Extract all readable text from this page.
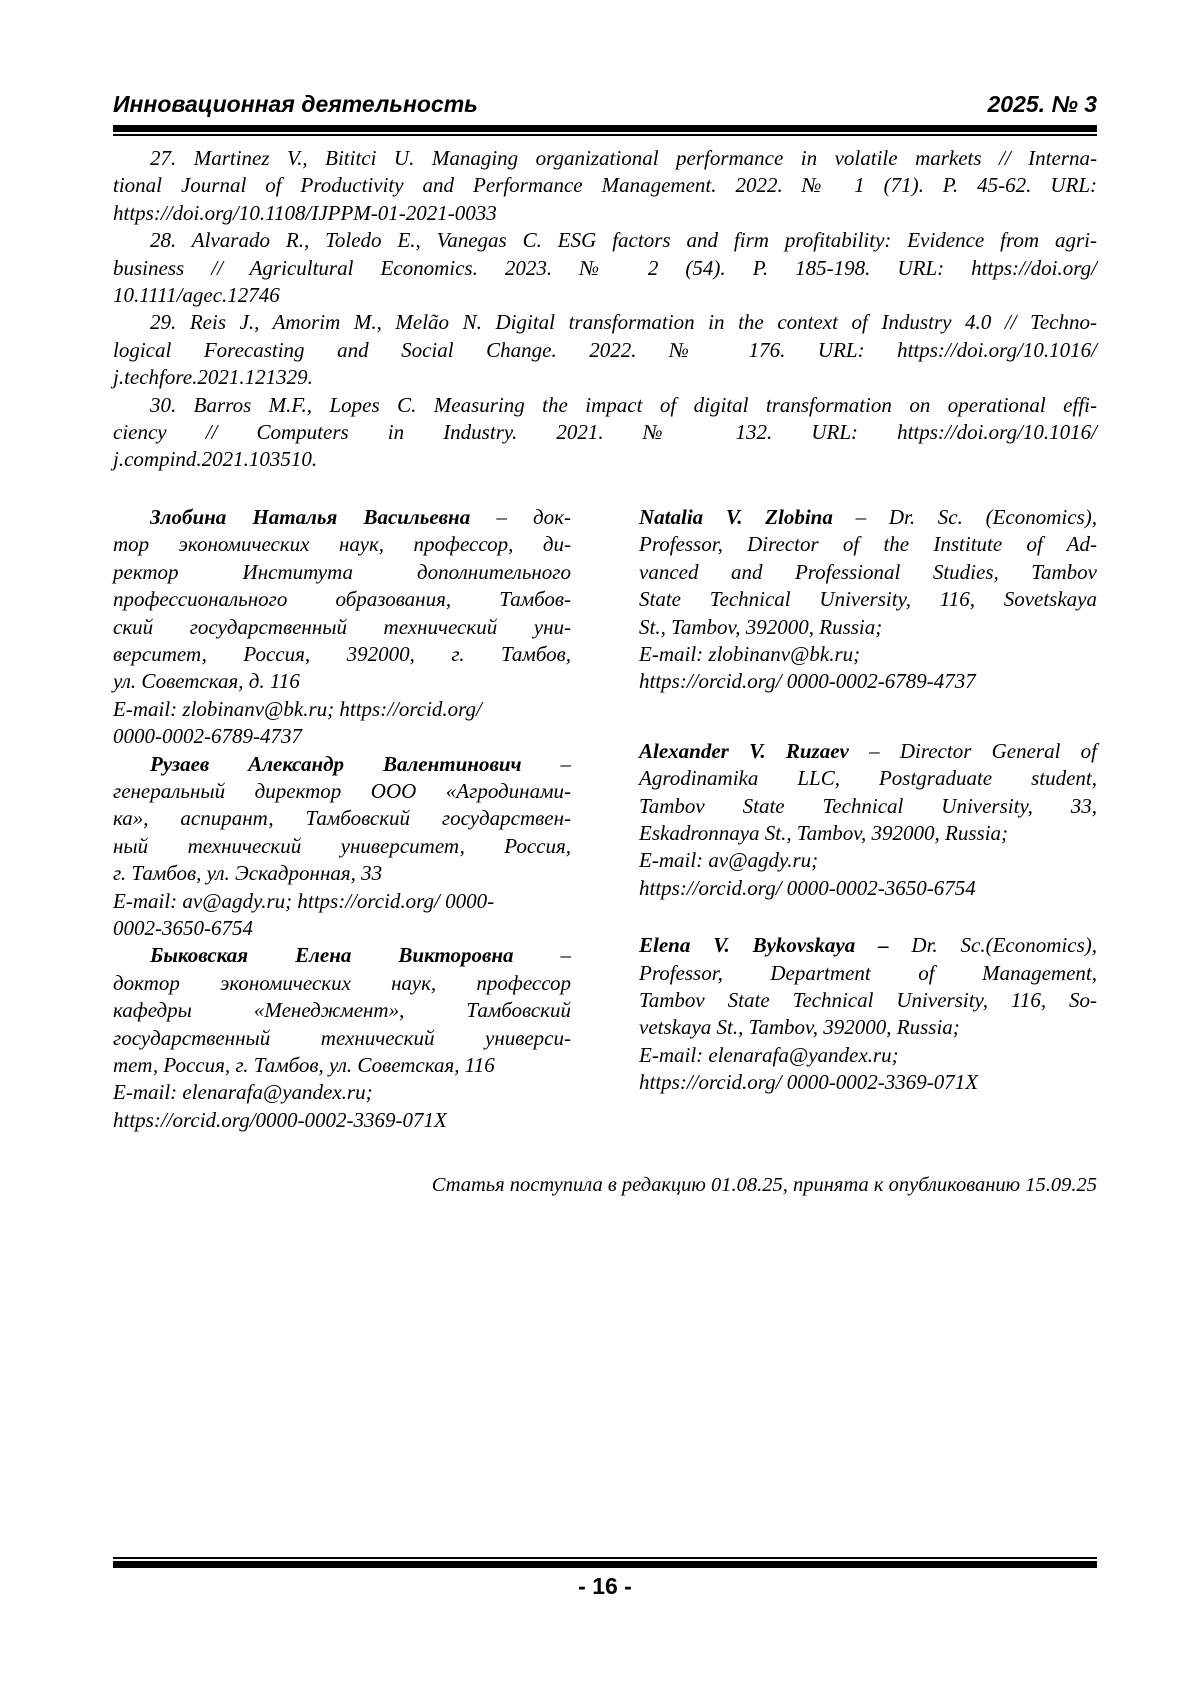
Инновационная деятельность	2025. № 3
27. Martinez V., Bititci U. Managing organizational performance in volatile markets // Interna-
tional Journal of Productivity and Performance Management. 2022. № 1 (71). P. 45-62. URL:
https://doi.org/10.1108/IJPPM-01-2021-0033
28. Alvarado R., Toledo E., Vanegas C. ESG factors and firm profitability: Evidence from agri-
business // Agricultural Economics. 2023. № 2 (54). P. 185-198. URL: https://doi.org/
10.1111/agec.12746
29. Reis J., Amorim M., Melão N. Digital transformation in the context of Industry 4.0 // Techno-
logical Forecasting and Social Change. 2022. № 176. URL: https://doi.org/10.1016/
j.techfore.2021.121329.
30. Barros M.F., Lopes C. Measuring the impact of digital transformation on operational effi-
ciency // Computers in Industry. 2021. № 132. URL: https://doi.org/10.1016/
j.compind.2021.103510.
Злобина Наталья Васильевна – док-
тор экономических наук, профессор, ди-
ректор Института дополнительного
профессионального образования, Тамбов-
ский государственный технический уни-
верситет, Россия, 392000, г. Тамбов,
ул. Советская, д. 116
E-mail: zlobinanv@bk.ru; https://orcid.org/
0000-0002-6789-4737
Рузаев Александр Валентинович –
генеральный директор ООО «Агродинами-
ка», аспирант, Тамбовский государствен-
ный технический университет, Россия,
г. Тамбов, ул. Эскадронная, 33
E-mail: av@agdy.ru; https://orcid.org/ 0000-
0002-3650-6754
Быковская Елена Викторовна –
доктор экономических наук, профессор
кафедры «Менеджмент», Тамбовский
государственный технический универси-
тет, Россия, г. Тамбов, ул. Советская, 116
E-mail: elenarafa@yandex.ru;
https://orcid.org/0000-0002-3369-071X
Natalia V. Zlobina – Dr. Sc. (Economics),
Professor, Director of the Institute of Ad-
vanced and Professional Studies, Tambov
State Technical University, 116, Sovetskaya
St., Tambov, 392000, Russia;
E-mail: zlobinanv@bk.ru;
https://orcid.org/ 0000-0002-6789-4737
Alexander V. Ruzaev – Director General of
Agrodinamika LLC, Postgraduate student,
Tambov State Technical University, 33,
Eskadronnaya St., Tambov, 392000, Russia;
E-mail: av@agdy.ru;
https://orcid.org/ 0000-0002-3650-6754
Elena V. Bykovskaya – Dr. Sc.(Economics),
Professor, Department of Management,
Tambov State Technical University, 116, So-
vetskaya St., Tambov, 392000, Russia;
E-mail: elenarafa@yandex.ru;
https://orcid.org/ 0000-0002-3369-071X
Статья поступила в редакцию 01.08.25, принята к опубликованию 15.09.25
- 16 -
